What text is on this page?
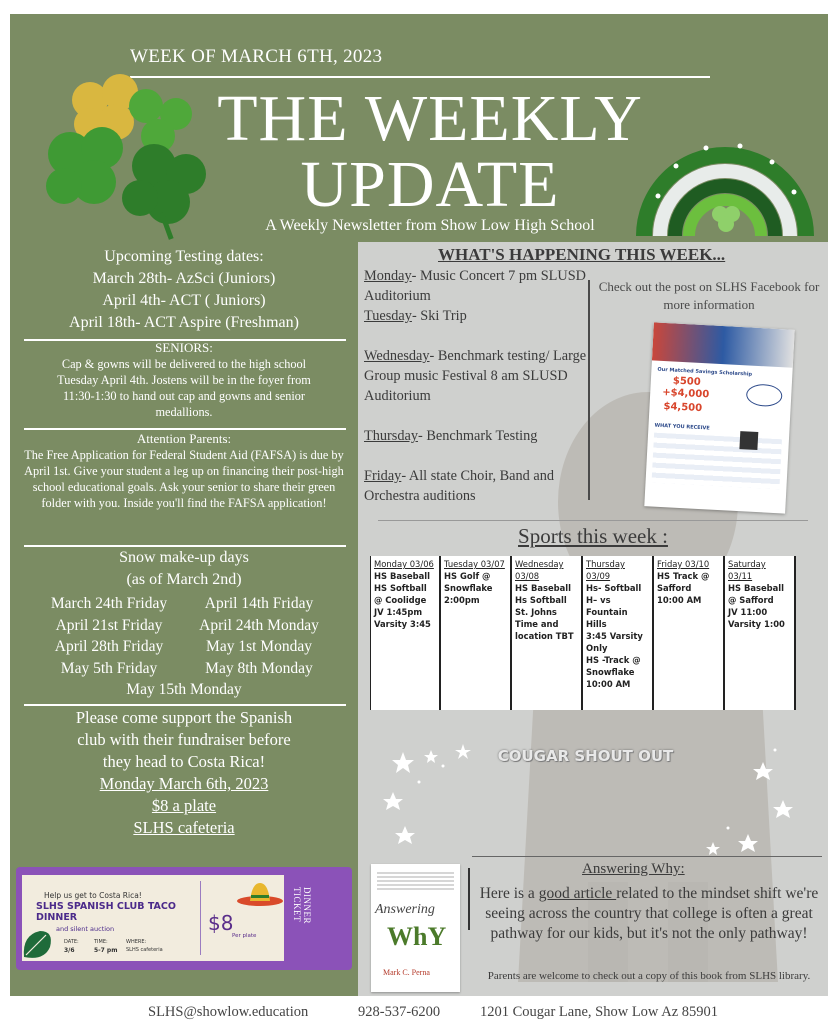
WEEK OF MARCH 6TH, 2023
THE WEEKLY
UPDATE
A Weekly Newsletter from Show Low High School
Upcoming Testing dates:
March 28th- AzSci (Juniors)
April 4th- ACT ( Juniors)
April 18th- ACT Aspire (Freshman)
SENIORS:
Cap & gowns will be delivered to the high school Tuesday April 4th. Jostens will be in the foyer from 11:30-1:30 to hand out cap and gowns and senior medallions.
Attention Parents:
The Free Application for Federal Student Aid (FAFSA) is due by April 1st. Give your student a leg up on financing their post-high school educational goals. Ask your senior to share their green folder with you. Inside you'll find the FAFSA application!
Snow make-up days
(as of March 2nd)
March 24th Friday	April 14th Friday
April 21st Friday	April 24th Monday
April 28th Friday	May 1st Monday
May 5th Friday	May 8th Monday
May 15th Monday
Please come support the Spanish
club with their fundraiser before
they head to Costa Rica!
Monday March 6th, 2023
$8 a plate
SLHS cafeteria
Help us get to Costa Rica!
SLHS SPANISH CLUB TACO DINNER
and silent auction
DATE:
3/6
TIME:
5-7 pm
WHERE:
SLHS cafeteria
$8
Per plate
DINNER TICKET
WHAT'S HAPPENING THIS WEEK...
Monday- Music Concert 7 pm SLUSD Auditorium
Tuesday- Ski Trip
Wednesday- Benchmark testing/ Large Group music Festival 8 am SLUSD Auditorium
Thursday- Benchmark Testing
Friday- All state Choir, Band and Orchestra auditions
Check out the post on SLHS Facebook for more information
Our Matched Savings Scholarship
$500
+$4,000
$4,500
WHAT YOU RECEIVE
Sports this week :
Monday 03/06
HS Baseball
HS Softball @ Coolidge
JV 1:45pm
Varsity 3:45
Tuesday 03/07
HS Golf @ Snowflake
2:00pm
Wednesday 03/08
HS Baseball
Hs Softball
St. Johns
Time and location TBT
Thursday 03/09
Hs- Softball
H– vs Fountain Hills
3:45 Varsity Only
HS -Track @ Snowflake
10:00 AM
Friday 03/10
HS Track @ Safford
10:00 AM
Saturday 03/11
HS Baseball @ Safford
JV 11:00
Varsity 1:00
COUGAR SHOUT OUT
Answering
WhY
Mark C. Perna
Answering Why:
Here is a good article related to the mindset shift we're seeing across the country that college is often a great pathway for our kids, but it's not the only pathway!
Parents are welcome to check out a copy of this book from SLHS library.
SLHS@showlow.education	928-537-6200	1201 Cougar Lane, Show Low Az 85901
